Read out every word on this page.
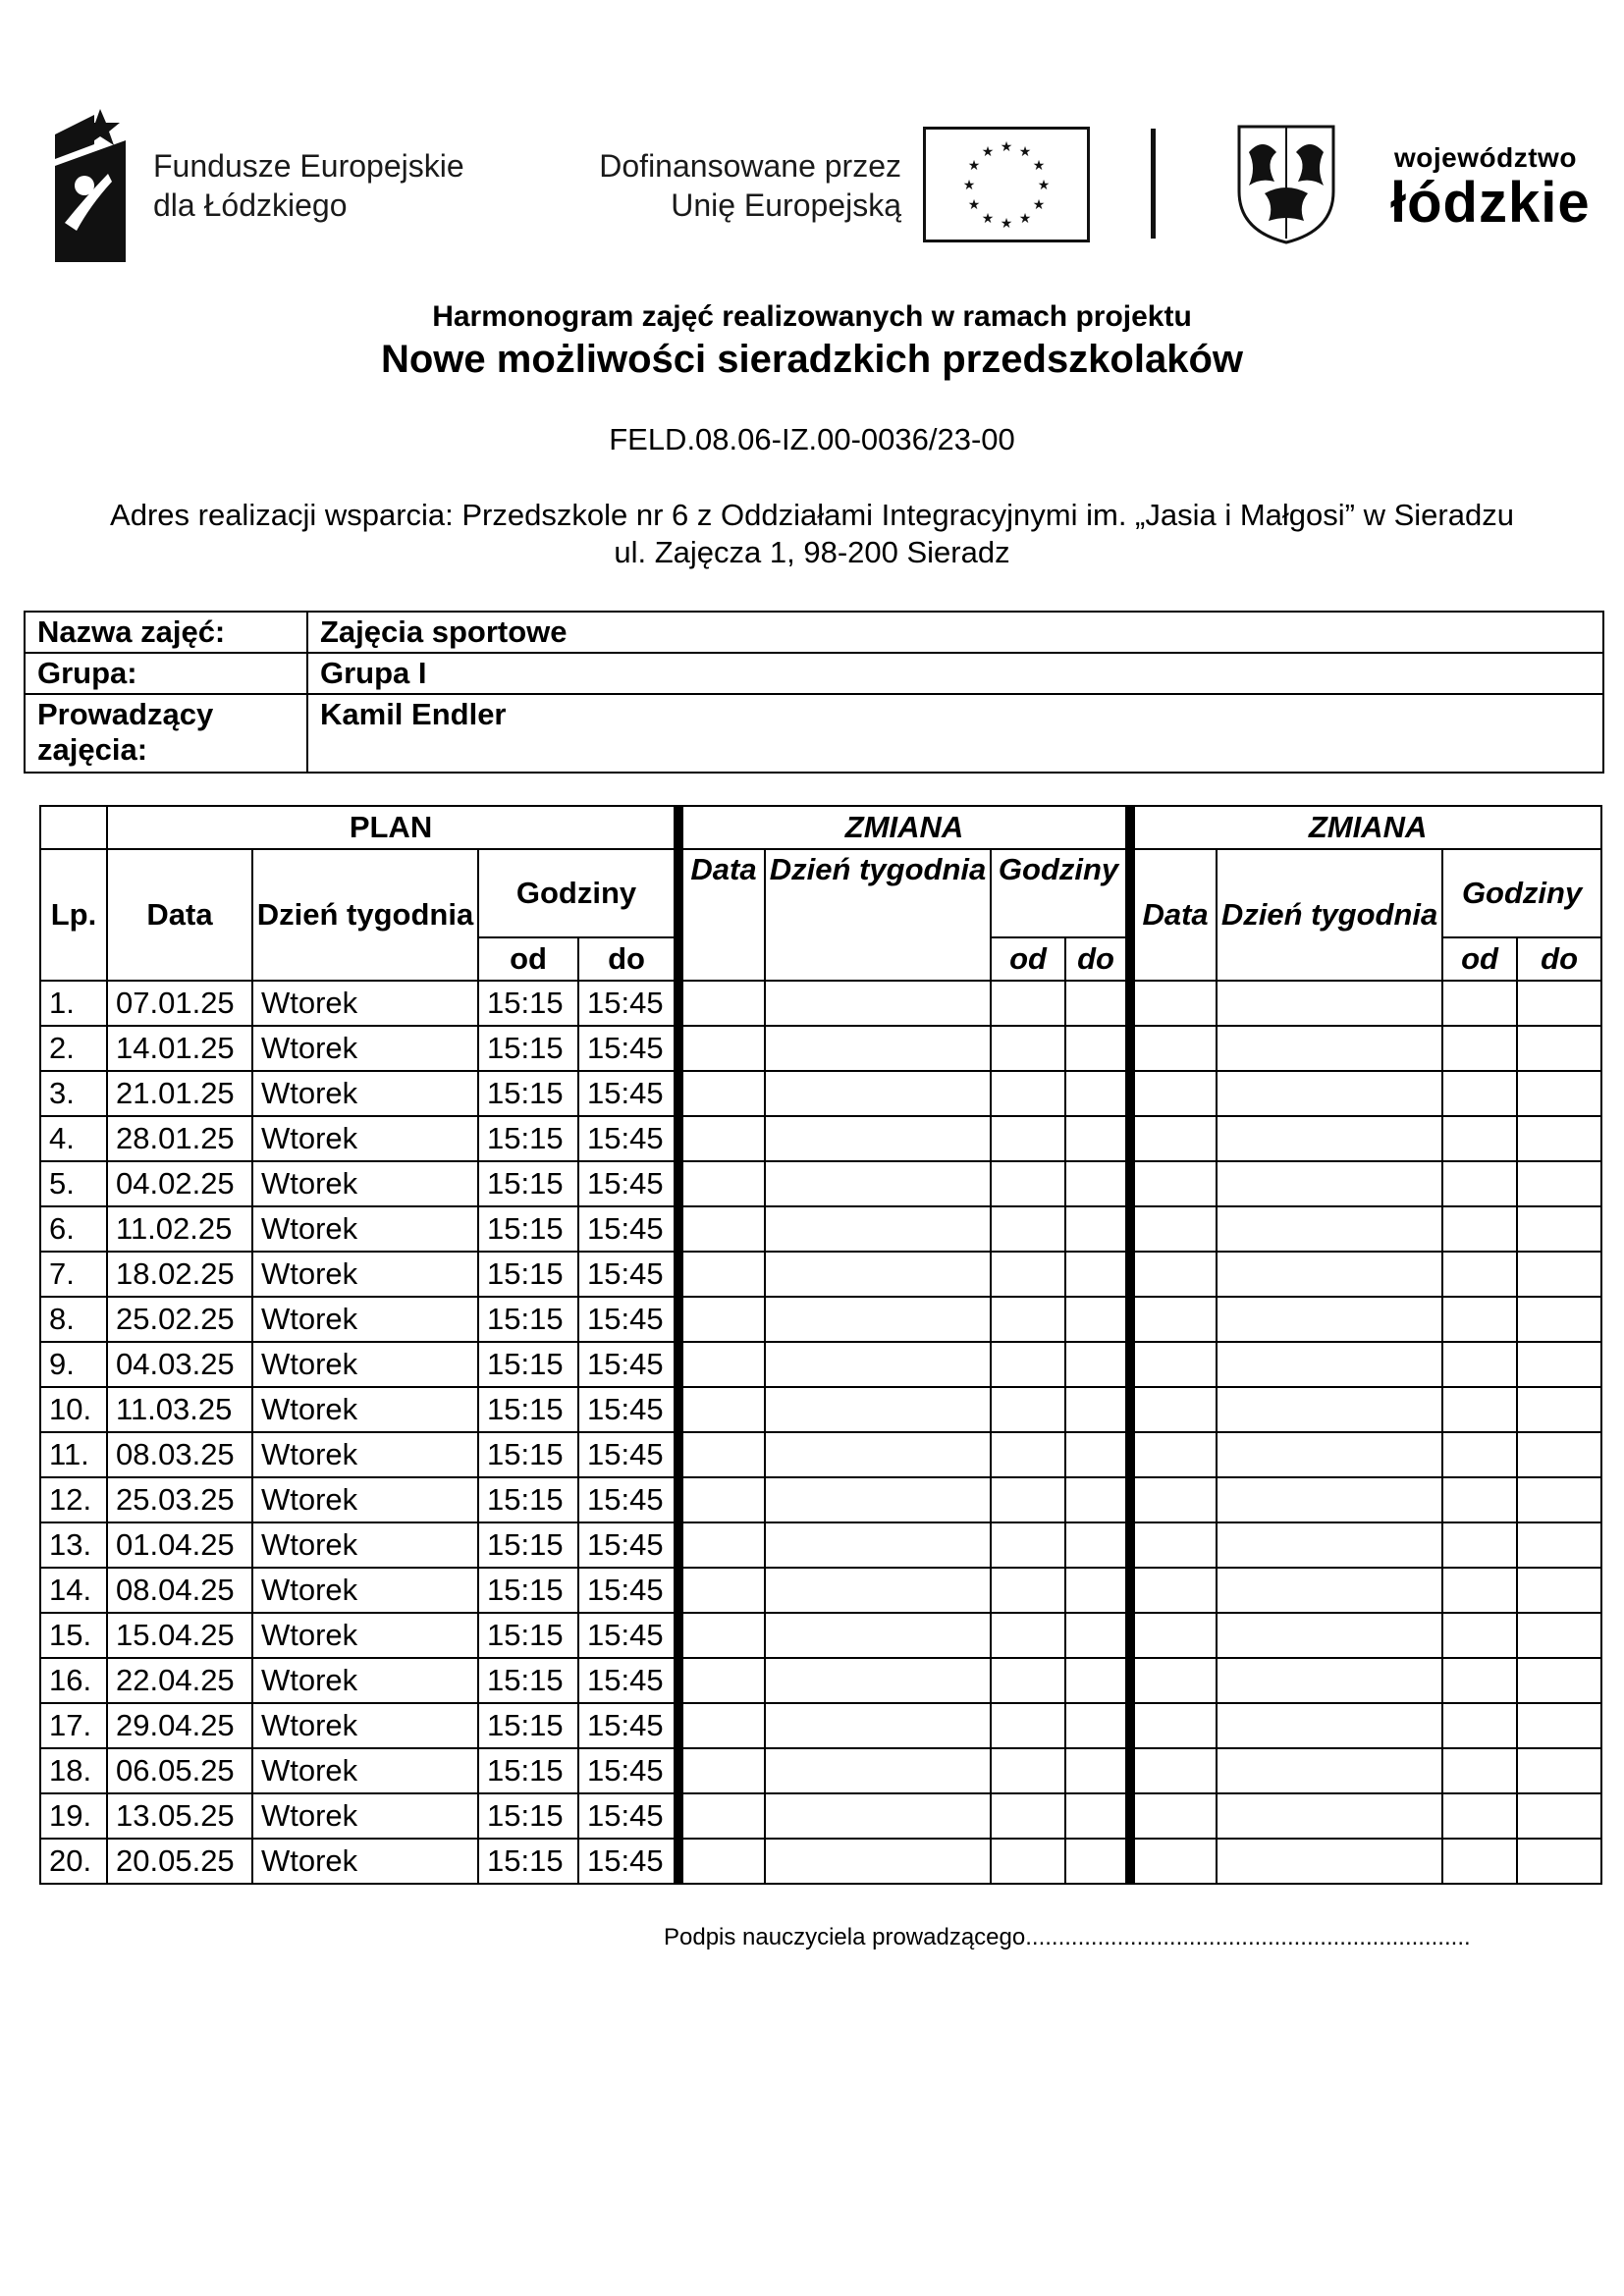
Fundusze Europejskie
dla Łódzkiego
Dofinansowane przez
Unię Europejską
★ ★
★
★
★
★
★
★
★
★
★
★	województwo
łódzkie
Harmonogram zajęć realizowanych w ramach projektu
Nowe możliwości sieradzkich przedszkolaków
FELD.08.06-IZ.00-0036/23-00
Adres realizacji wsparcia: Przedszkole nr 6 z Oddziałami Integracyjnymi im. „Jasia i Małgosi” w Sieradzu
ul. Zajęcza 1, 98-200 Sieradz
Nazwa zajęć:	Zajęcia sportowe
Grupa:	Grupa I
Prowadzący zajęcia:	Kamil Endler
	PLAN				ZMIANA				ZMIANA			
Lp.	Data	Dzień tygodnia	Godziny		Data	Dzień tygodnia	Godziny		Data	Dzień tygodnia	Godziny	
			od	do			od	do			od	do
1.	07.01.25	Wtorek	15:15	15:45								
2.	14.01.25	Wtorek	15:15	15:45								
3.	21.01.25	Wtorek	15:15	15:45								
4.	28.01.25	Wtorek	15:15	15:45								
5.	04.02.25	Wtorek	15:15	15:45								
6.	11.02.25	Wtorek	15:15	15:45								
7.	18.02.25	Wtorek	15:15	15:45								
8.	25.02.25	Wtorek	15:15	15:45								
9.	04.03.25	Wtorek	15:15	15:45								
10.	11.03.25	Wtorek	15:15	15:45								
11.	08.03.25	Wtorek	15:15	15:45								
12.	25.03.25	Wtorek	15:15	15:45								
13.	01.04.25	Wtorek	15:15	15:45								
14.	08.04.25	Wtorek	15:15	15:45								
15.	15.04.25	Wtorek	15:15	15:45								
16.	22.04.25	Wtorek	15:15	15:45								
17.	29.04.25	Wtorek	15:15	15:45								
18.	06.05.25	Wtorek	15:15	15:45								
19.	13.05.25	Wtorek	15:15	15:45								
20.	20.05.25	Wtorek	15:15	15:45								
Podpis nauczyciela prowadzącego....................................................................
